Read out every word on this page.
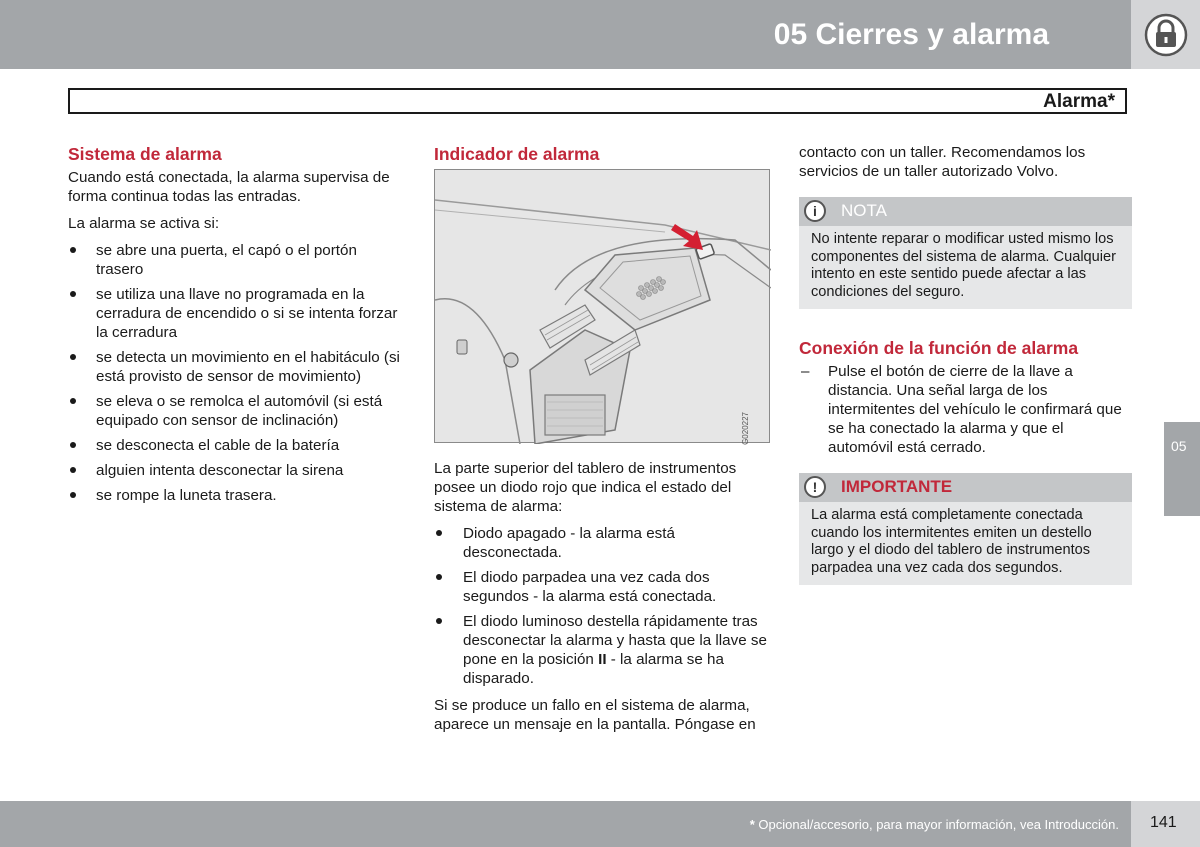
05 Cierres y alarma
Alarma*
Sistema de alarma

Cuando está conectada, la alarma supervisa de forma continua todas las entradas.

La alarma se activa si:

se abre una puerta, el capó o el portón trasero
se utiliza una llave no programada en la cerradura de encendido o si se intenta forzar la cerradura
se detecta un movimiento en el habitáculo (si está provisto de sensor de movimiento)
se eleva o se remolca el automóvil (si está equipado con sensor de inclinación)
se desconecta el cable de la batería
alguien intenta desconectar la sirena
se rompe la luneta trasera.
Indicador de alarma
G020227

La parte superior del tablero de instrumentos posee un diodo rojo que indica el estado del sistema de alarma:

Diodo apagado - la alarma está desconectada.
El diodo parpadea una vez cada dos segundos - la alarma está conectada.
El diodo luminoso destella rápidamente tras desconectar la alarma y hasta que la llave se pone en la posición II - la alarma se ha disparado.

Si se produce un fallo en el sistema de alarma, aparece un mensaje en la pantalla. Póngase en

contacto con un taller. Recomendamos los servicios de un taller autorizado Volvo.

i	NOTA
No intente reparar o modificar usted mismo los componentes del sistema de alarma. Cualquier intento en este sentido puede afectar a las condiciones del seguro.
Conexión de la función de alarma
– Pulse el botón de cierre de la llave a distancia. Una señal larga de los intermitentes del vehículo le confirmará que se ha conectado la alarma y que el automóvil está cerrado.
!	IMPORTANTE
La alarma está completamente conectada cuando los intermitentes emiten un destello largo y el diodo del tablero de instrumentos parpadea una vez cada dos segundos.
05
* Opcional/accesorio, para mayor información, vea Introducción. 141
